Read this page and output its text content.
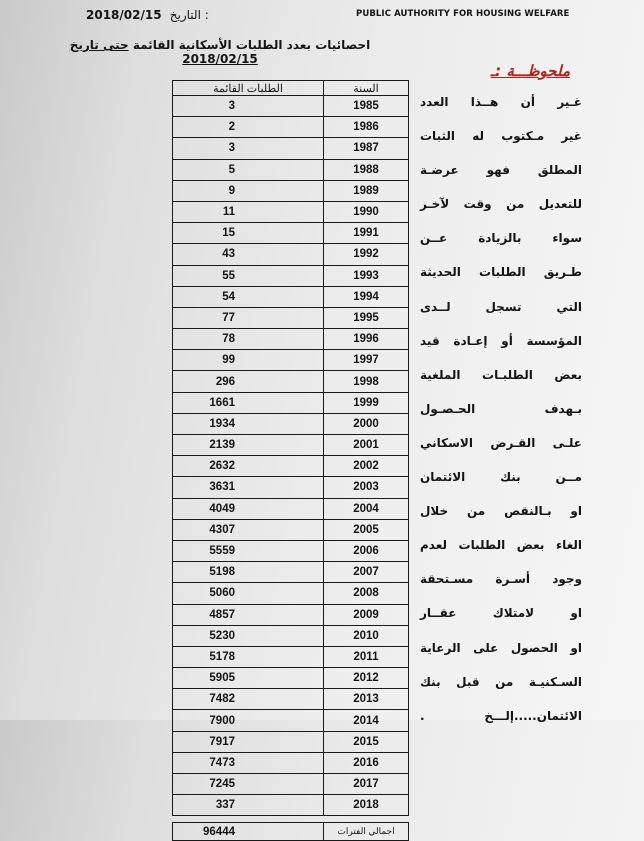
2018/02/15 التاريخ :	PUBLIC AUTHORITY FOR HOUSING WELFARE
احصائيات بعدد الطلبات الأسكانية القائمة حتى تاريخ 2018/02/15
السنة	الطلبات القائمة
1985	3
1986	2
1987	3
1988	5
1989	9
1990	11
1991	15
1992	43
1993	55
1994	54
1995	77
1996	78
1997	99
1998	296
1999	1661
2000	1934
2001	2139
2002	2632
2003	3631
2004	4049
2005	4307
2006	5559
2007	5198
2008	5060
2009	4857
2010	5230
2011	5178
2012	5905
2013	7482
2014	7900
2015	7917
2016	7473
2017	7245
2018	337

اجمالي الفترات	96444
ملحوظـــة :ـ
غـير أن هــذا العدد
غير مـكتوب له الثبات
المطلق فهو عرضـة
للتعديل من وقت لآخـر
سواء بالزيادة عــن
طـريق الطلبات الحديثة
التي تسجل لــدى
المؤسسة أو إعـادة قيد
بعض الطلبـات الملغية
بـهدف الحـصـول
علـى القـرض الاسكاني
مــن بنك الائتمان
او بـالنقص من خلال
الغاء بعض الطلبات لعدم
وجود أسـرة مسـتحقة
او لامتلاك عقــار
او الحصول على الرعاية
السـكنيـة من قبل بنك
الائتمان.....إلـــخ .
